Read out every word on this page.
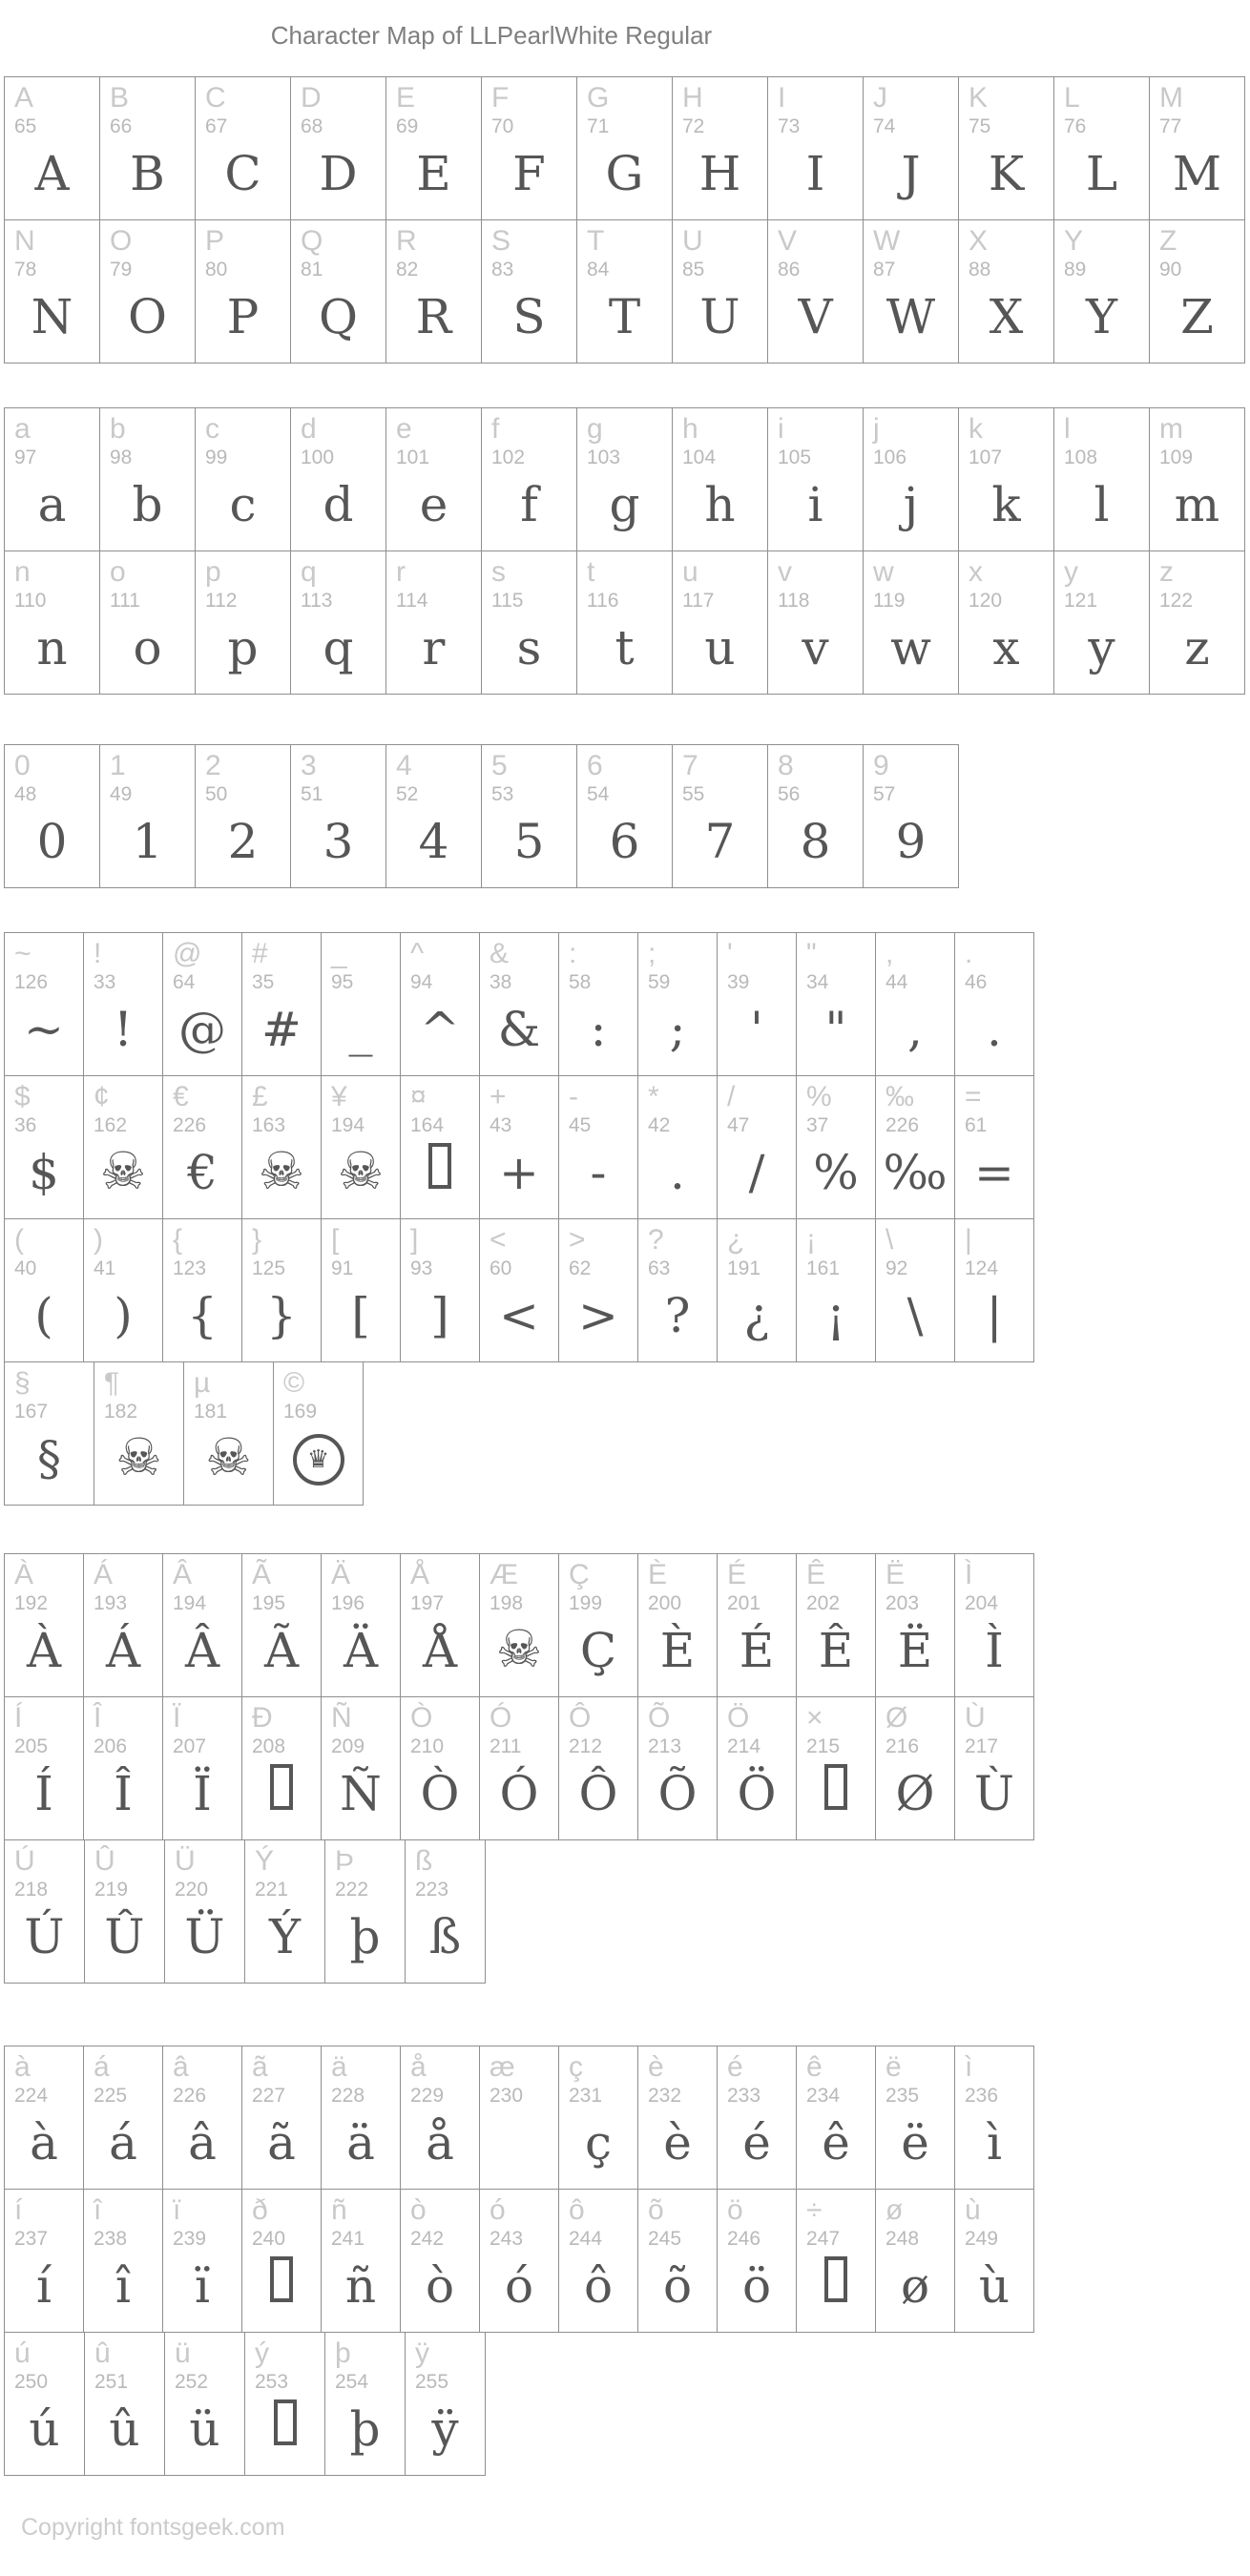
Character Map of LLPearlWhite Regular
A
65
A
B
66
B
C
67
C
D
68
D
E
69
E
F
70
F
G
71
G
H
72
H
I
73
I
J
74
J
K
75
K
L
76
L
M
77
M
N
78
N
O
79
O
P
80
P
Q
81
Q
R
82
R
S
83
S
T
84
T
U
85
U
V
86
V
W
87
W
X
88
X
Y
89
Y
Z
90
Z
a
97
a
b
98
b
c
99
c
d
100
d
e
101
e
f
102
f
g
103
g
h
104
h
i
105
i
j
106
j
k
107
k
l
108
l
m
109
m
n
110
n
o
111
o
p
112
p
q
113
q
r
114
r
s
115
s
t
116
t
u
117
u
v
118
v
w
119
w
x
120
x
y
121
y
z
122
z
0
48
0
1
49
1
2
50
2
3
51
3
4
52
4
5
53
5
6
54
6
7
55
7
8
56
8
9
57
9
~
126
~
!
33
!
@
64
@
#
35
#
_
95
_
^
94
^
&
38
&
:
58
:
;
59
;
'
39
'
"
34
"
,
44
,
.
46
.
$
36
$
¢
162
☠
€
226
€
£
163
☠
¥
194
☠
¤
164
+
43
+
-
45
-
*
42
.
/
47
/
%
37
%
‰
226
‰
=
61
=
(
40
(
)
41
)
{
123
{
}
125
}
[
91
[
]
93
]
<
60
<
>
62
>
?
63
?
¿
191
¿
¡
161
¡
\
92
\
|
124
|
§
167
§
¶
182
☠
µ
181
☠
©
169
♛
À
192
À
Á
193
Á
Â
194
Â
Ã
195
Ã
Ä
196
Ä
Å
197
Å
Æ
198
☠
Ç
199
Ç
È
200
È
É
201
É
Ê
202
Ê
Ë
203
Ë
Ì
204
Ì
Í
205
Í
Î
206
Î
Ï
207
Ï
Ð
208
Ñ
209
Ñ
Ò
210
Ò
Ó
211
Ó
Ô
212
Ô
Õ
213
Õ
Ö
214
Ö
×
215
Ø
216
Ø
Ù
217
Ù
Ú
218
Ú
Û
219
Û
Ü
220
Ü
Ý
221
Ý
Þ
222
þ
ß
223
ß
à
224
à
á
225
á
â
226
â
ã
227
ã
ä
228
ä
å
229
å
æ
230
ç
231
ç
è
232
è
é
233
é
ê
234
ê
ë
235
ë
ì
236
ì
í
237
í
î
238
î
ï
239
ï
ð
240
ñ
241
ñ
ò
242
ò
ó
243
ó
ô
244
ô
õ
245
õ
ö
246
ö
÷
247
ø
248
ø
ù
249
ù
ú
250
ú
û
251
û
ü
252
ü
ý
253
þ
254
þ
ÿ
255
ÿ
Copyright fontsgeek.com
